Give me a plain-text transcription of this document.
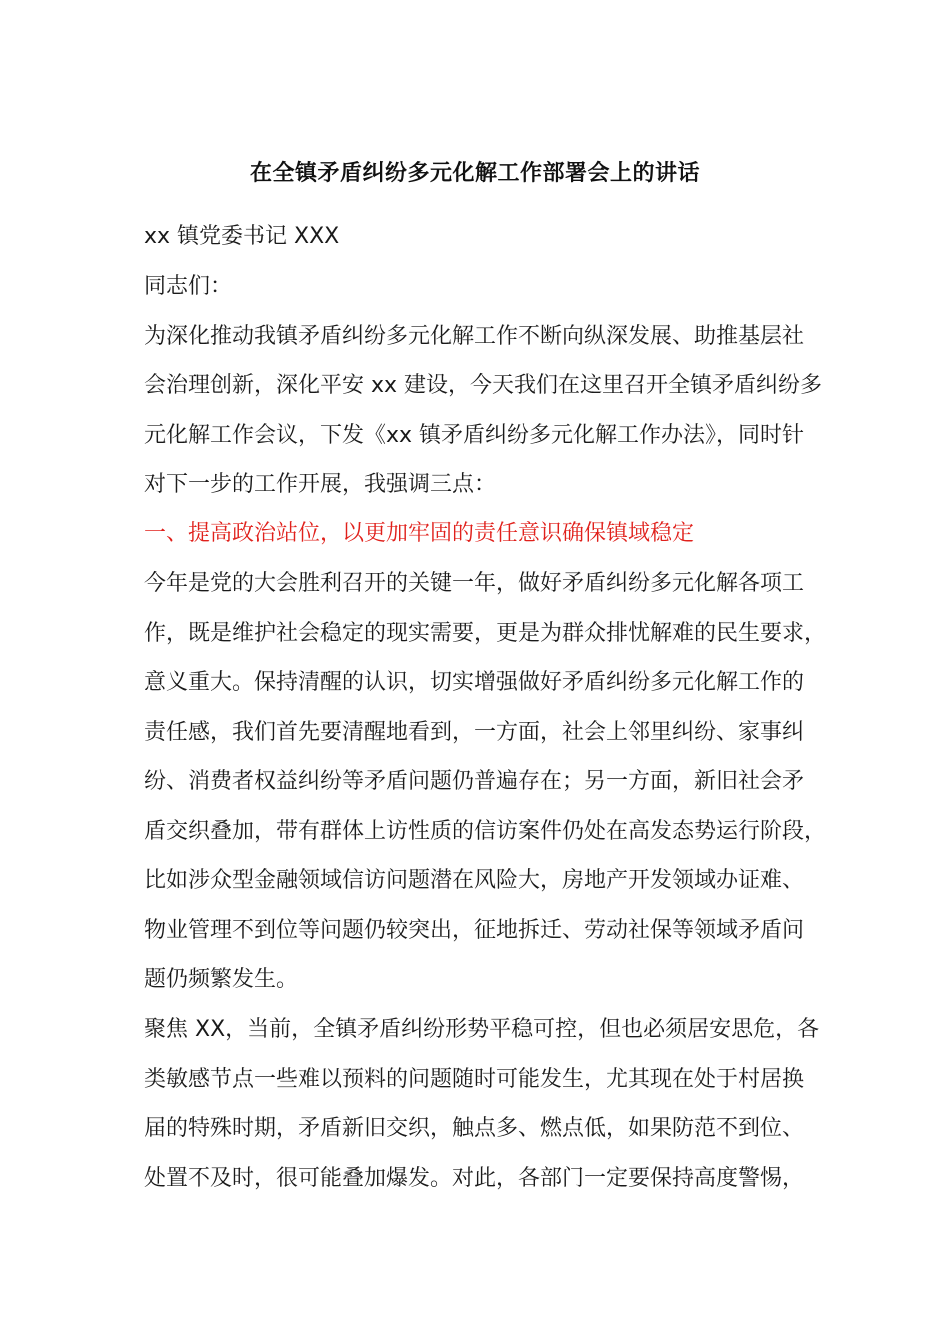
在全镇矛盾纠纷多元化解工作部署会上的讲话
xx 镇党委书记 XXX
同志们：
为深化推动我镇矛盾纠纷多元化解工作不断向纵深发展、助推基层社
会治理创新，深化平安 xx 建设，今天我们在这里召开全镇矛盾纠纷多
元化解工作会议，下发《xx 镇矛盾纠纷多元化解工作办法》，同时针
对下一步的工作开展，我强调三点：
一、提高政治站位，以更加牢固的责任意识确保镇域稳定
今年是党的大会胜利召开的关键一年，做好矛盾纠纷多元化解各项工
作，既是维护社会稳定的现实需要，更是为群众排忧解难的民生要求，
意义重大。保持清醒的认识，切实增强做好矛盾纠纷多元化解工作的
责任感，我们首先要清醒地看到，一方面，社会上邻里纠纷、家事纠
纷、消费者权益纠纷等矛盾问题仍普遍存在；另一方面，新旧社会矛
盾交织叠加，带有群体上访性质的信访案件仍处在高发态势运行阶段，
比如涉众型金融领域信访问题潜在风险大，房地产开发领域办证难、
物业管理不到位等问题仍较突出，征地拆迁、劳动社保等领域矛盾问
题仍频繁发生。
聚焦 XX，当前，全镇矛盾纠纷形势平稳可控，但也必须居安思危，各
类敏感节点一些难以预料的问题随时可能发生，尤其现在处于村居换
届的特殊时期，矛盾新旧交织，触点多、燃点低，如果防范不到位、
处置不及时，很可能叠加爆发。对此，各部门一定要保持高度警惕，
